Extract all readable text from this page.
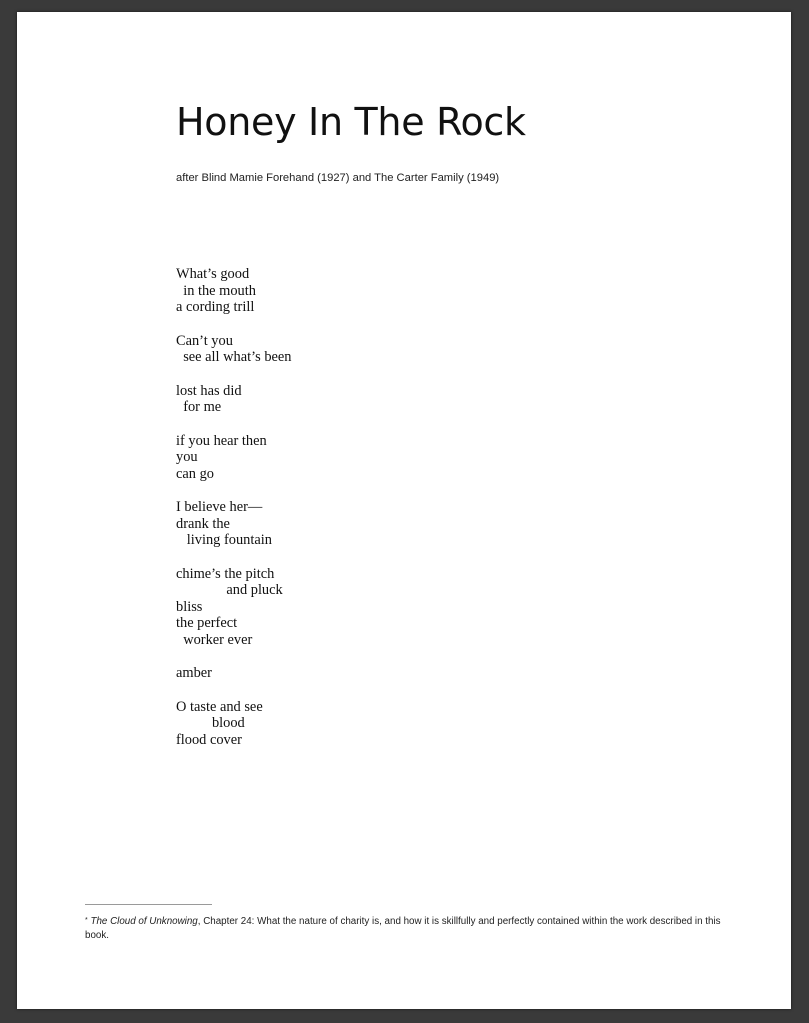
Honey In The Rock
after Blind Mamie Forehand (1927) and The Carter Family (1949)
What’s good
in the mouth
a cording trill
Can’t you
see all what’s been
lost has did
for me
if you hear then
you
can go
I believe her—
drank the
living fountain
chime’s the pitch
and pluck
bliss
the perfect
worker ever
amber
O taste and see
blood
flood cover
* The Cloud of Unknowing, Chapter 24: What the nature of charity is, and how it is skillfully and perfectly contained within the work described in this book.
